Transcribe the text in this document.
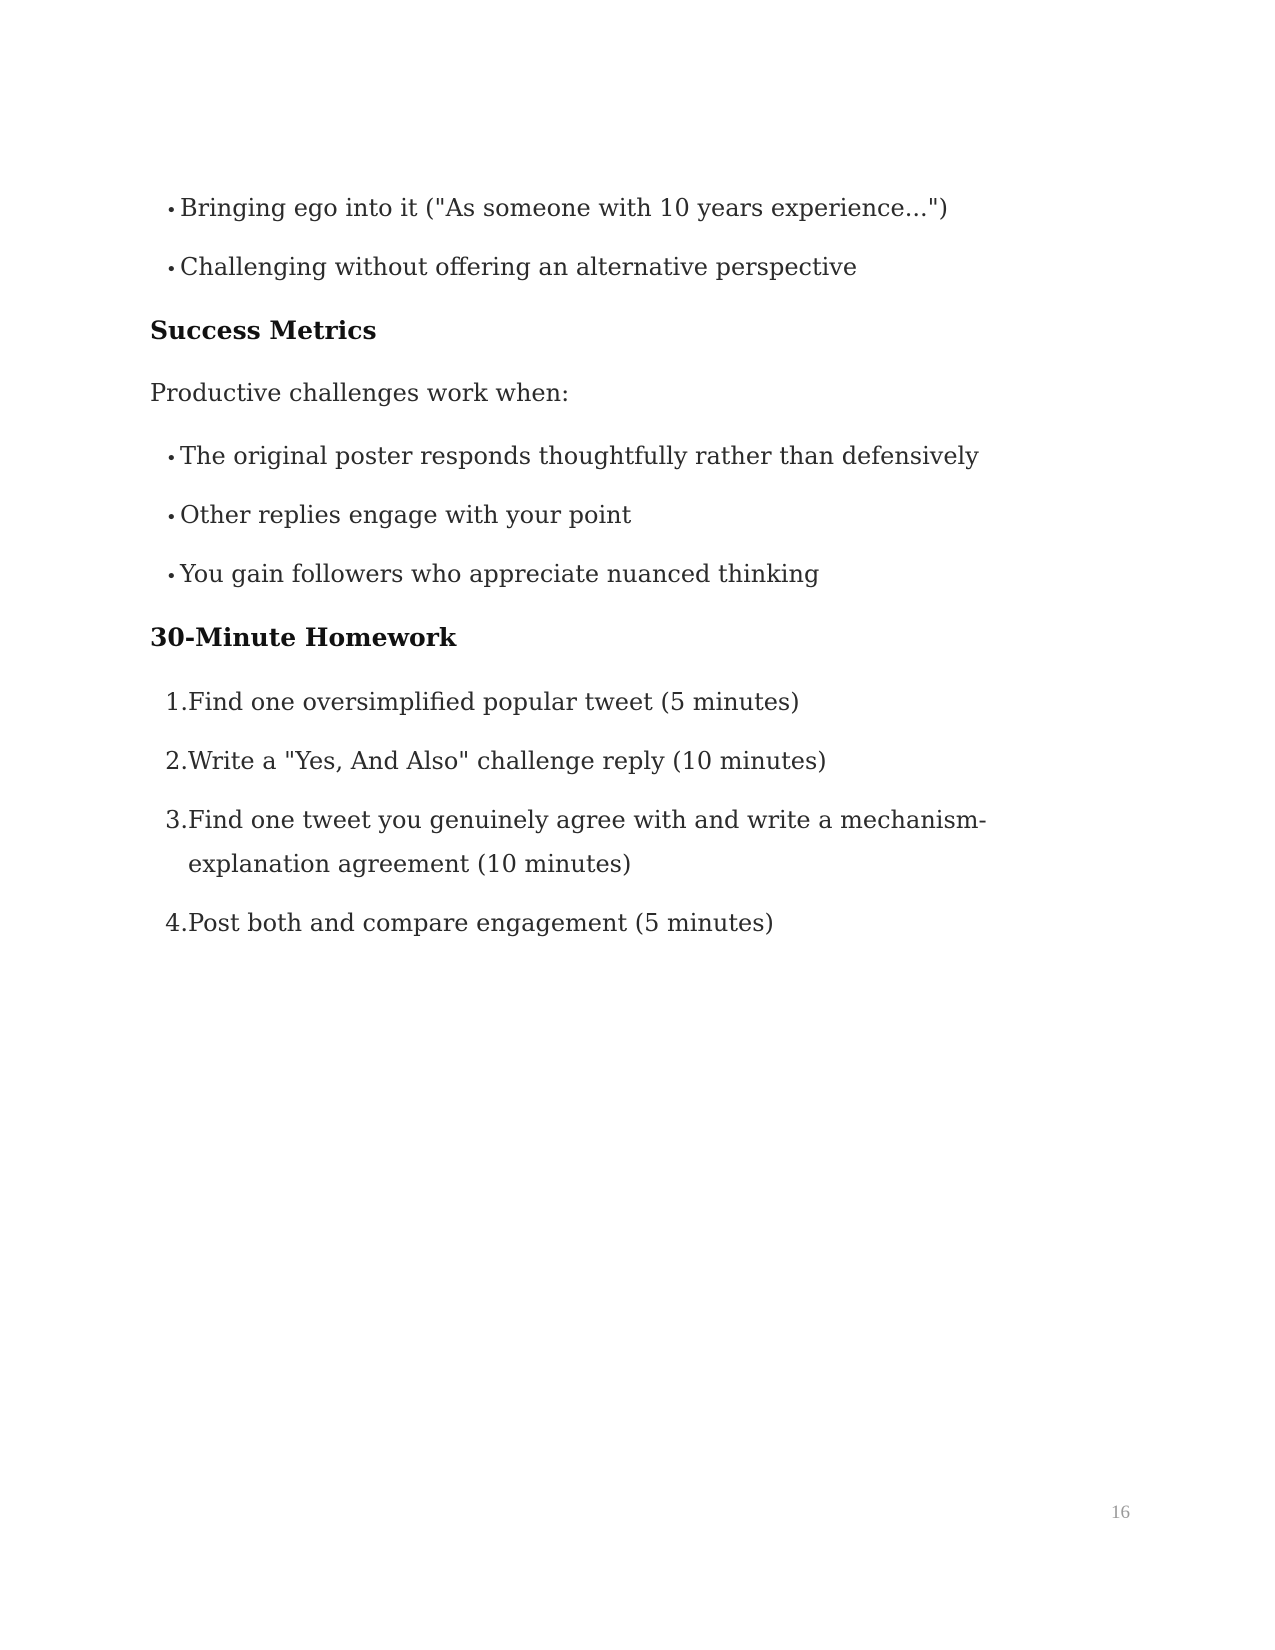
• Bringing ego into it ("As someone with 10 years experience...")
• Challenging without offering an alternative perspective
Success Metrics

Productive challenges work when:

• The original poster responds thoughtfully rather than defensively
• Other replies engage with your point
• You gain followers who appreciate nuanced thinking
30-Minute Homework
1. Find one oversimplified popular tweet (5 minutes)
2. Write a "Yes, And Also" challenge reply (10 minutes)
3. Find one tweet you genuinely agree with and write a mechanism-explanation agreement (10 minutes)
4. Post both and compare engagement (5 minutes)
16
